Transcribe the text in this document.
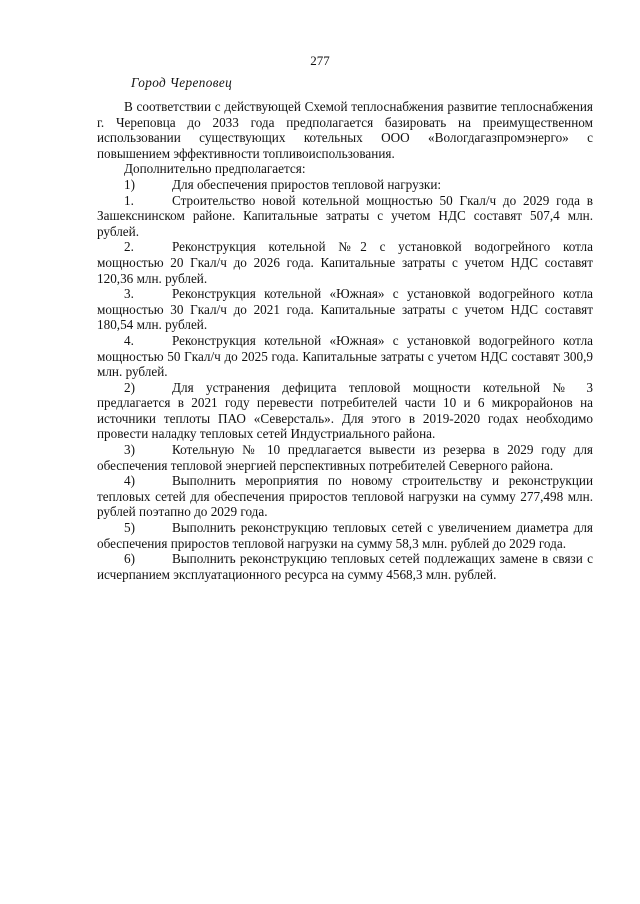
277
Город Череповец

В соответствии с действующей Схемой теплоснабжения развитие теплоснабжения г. Череповца до 2033 года предполагается базировать на преимущественном использовании существующих котельных ООО «Вологдагазпромэнерго» с повышением эффективности топливоиспользования.

Дополнительно предполагается:

1)	Для обеспечения приростов тепловой нагрузки:

1.	Строительство новой котельной мощностью 50 Гкал/ч до 2029 года в Зашекснинском районе. Капитальные затраты с учетом НДС составят 507,4 млн. рублей.

2.	Реконструкция котельной №2 с установкой водогрейного котла мощностью 20 Гкал/ч до 2026 года. Капитальные затраты с учетом НДС составят 120,36 млн. рублей.

3.	Реконструкция котельной «Южная» с установкой водогрейного котла мощностью 30 Гкал/ч до 2021 года. Капитальные затраты с учетом НДС составят 180,54 млн. рублей.

4.	Реконструкция котельной «Южная» с установкой водогрейного котла мощностью 50 Гкал/ч до 2025 года. Капитальные затраты с учетом НДС составят 300,9 млн. рублей.

2)	Для устранения дефицита тепловой мощности котельной № 3 предлагается в 2021 году перевести потребителей части 10 и 6 микрорайонов на источники теплоты ПАО «Северсталь». Для этого в 2019-2020 годах необходимо провести наладку тепловых сетей Индустриального района.

3)	Котельную № 10 предлагается вывести из резерва в 2029 году для обеспечения тепловой энергией перспективных потребителей Северного района.

4)	Выполнить мероприятия по новому строительству и реконструкции тепловых сетей для обеспечения приростов тепловой нагрузки на сумму 277,498 млн. рублей поэтапно до 2029 года.

5)	Выполнить реконструкцию тепловых сетей с увеличением диаметра для обеспечения приростов тепловой нагрузки на сумму 58,3 млн. рублей до 2029 года.

6)	Выполнить реконструкцию тепловых сетей подлежащих замене в связи с исчерпанием эксплуатационного ресурса на сумму 4568,3 млн. рублей.
